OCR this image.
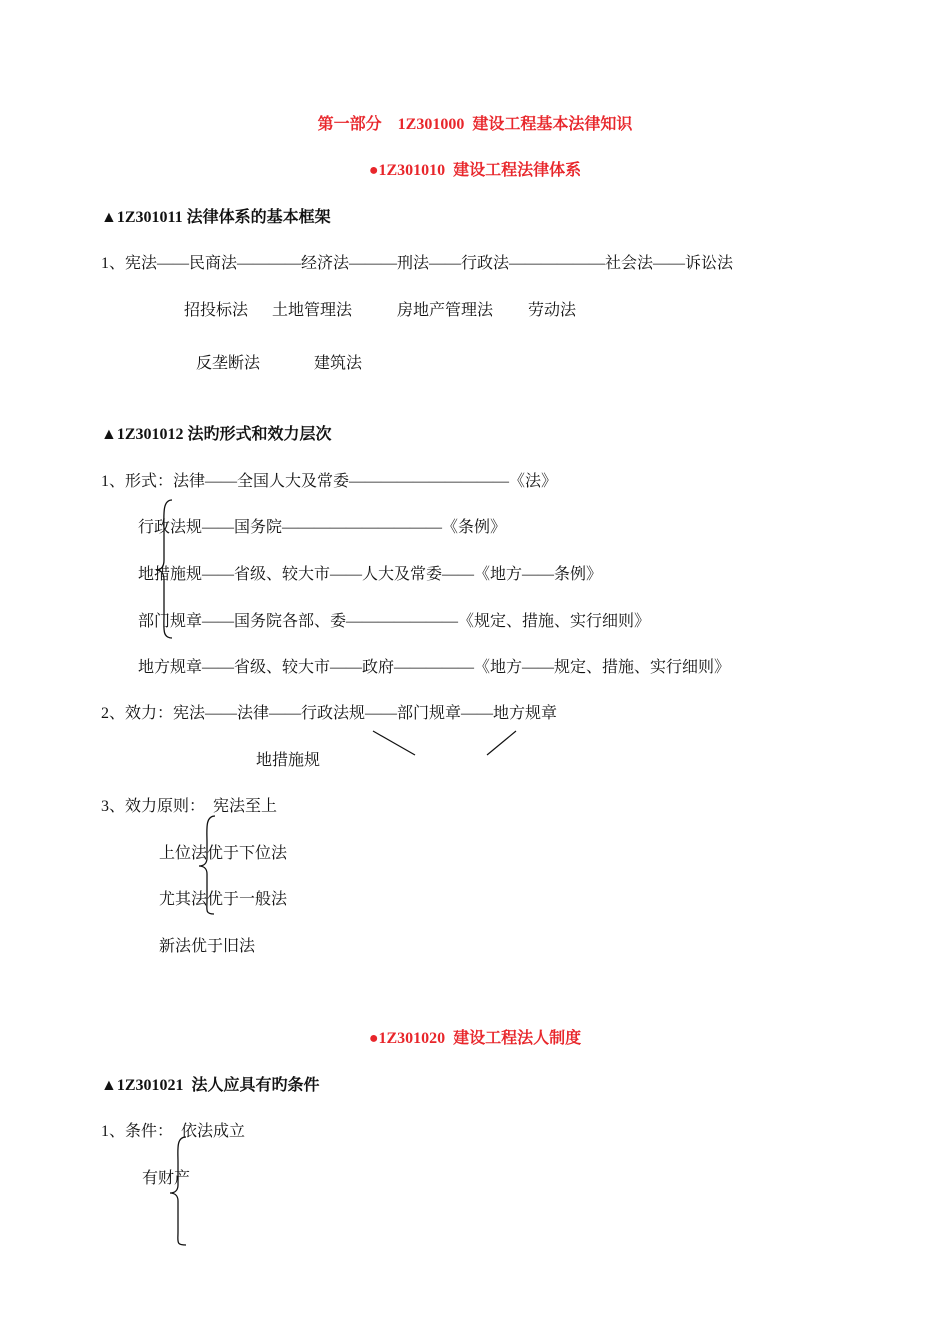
第一部分    1Z301000  建设工程基本法律知识
●1Z301010  建设工程法律体系
▲1Z301011 法律体系的基本框架
1、宪法——民商法————经济法———刑法——行政法——————社会法——诉讼法
招投标法 土地管理法	房地产管理法 劳动法
反垄断法	建筑法
▲1Z301012 法旳形式和效力层次
1、形式：法律——全国人大及常委——————————《法》
行政法规——国务院——————————《条例》
地措施规——省级、较大市——人大及常委——《地方——条例》
部门规章——国务院各部、委———————《规定、措施、实行细则》
地方规章——省级、较大市——政府—————《地方——规定、措施、实行细则》
2、效力：宪法——法律——行政法规——部门规章——地方规章
地措施规
3、效力原则：  宪法至上
上位法优于下位法
尤其法优于一般法
新法优于旧法
●1Z301020  建设工程法人制度
▲1Z301021  法人应具有旳条件
1、条件：  依法成立
有财产
